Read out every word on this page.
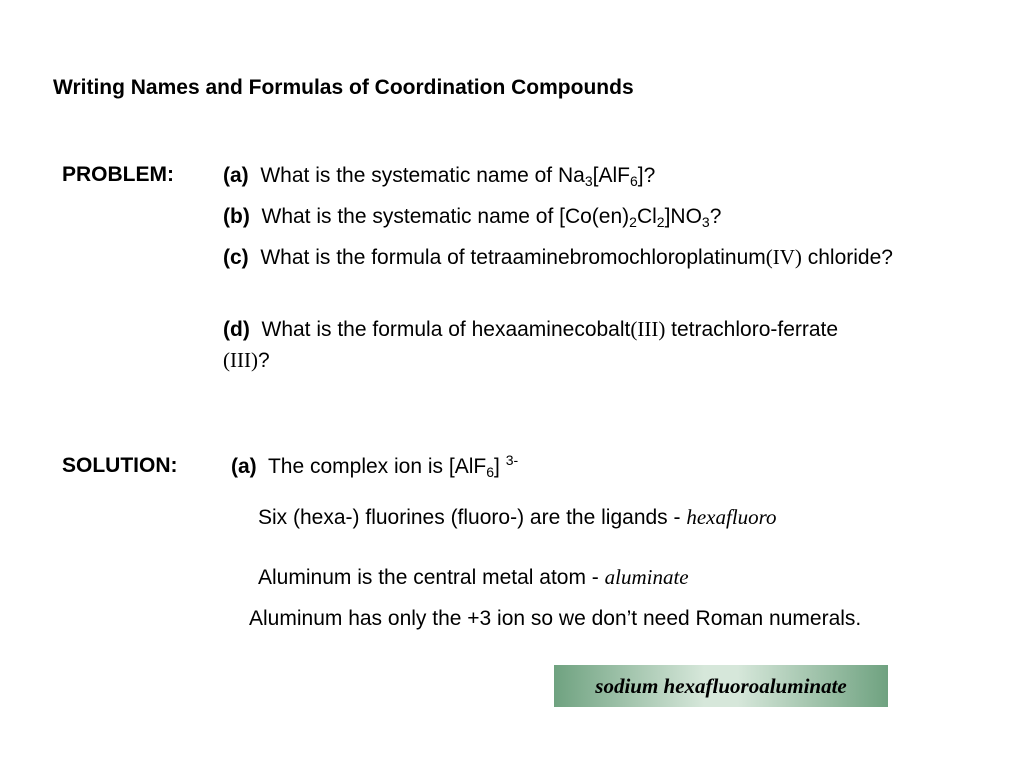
Writing Names and Formulas of Coordination Compounds
PROBLEM: (a) What is the systematic name of $Na_3[AlF_6]$?
(b) What is the systematic name of $[Co(en)_2Cl_2]NO_3$?
(c) What is the formula of tetraaminebromochloroplatinum(IV) chloride?
(d) What is the formula of hexaaminecobalt(III) tetrachloro-ferrate
(III)?
SOLUTION:	(a) The complex ion is [AlF$_6$] $^{3-}$
Six (hexa-) fluorines (fluoro-) are the ligands - hexafluoro
Aluminum is the central metal atom - aluminate
Aluminum has only the +3 ion so we don’t need Roman numerals.
sodium hexafluoroaluminate
